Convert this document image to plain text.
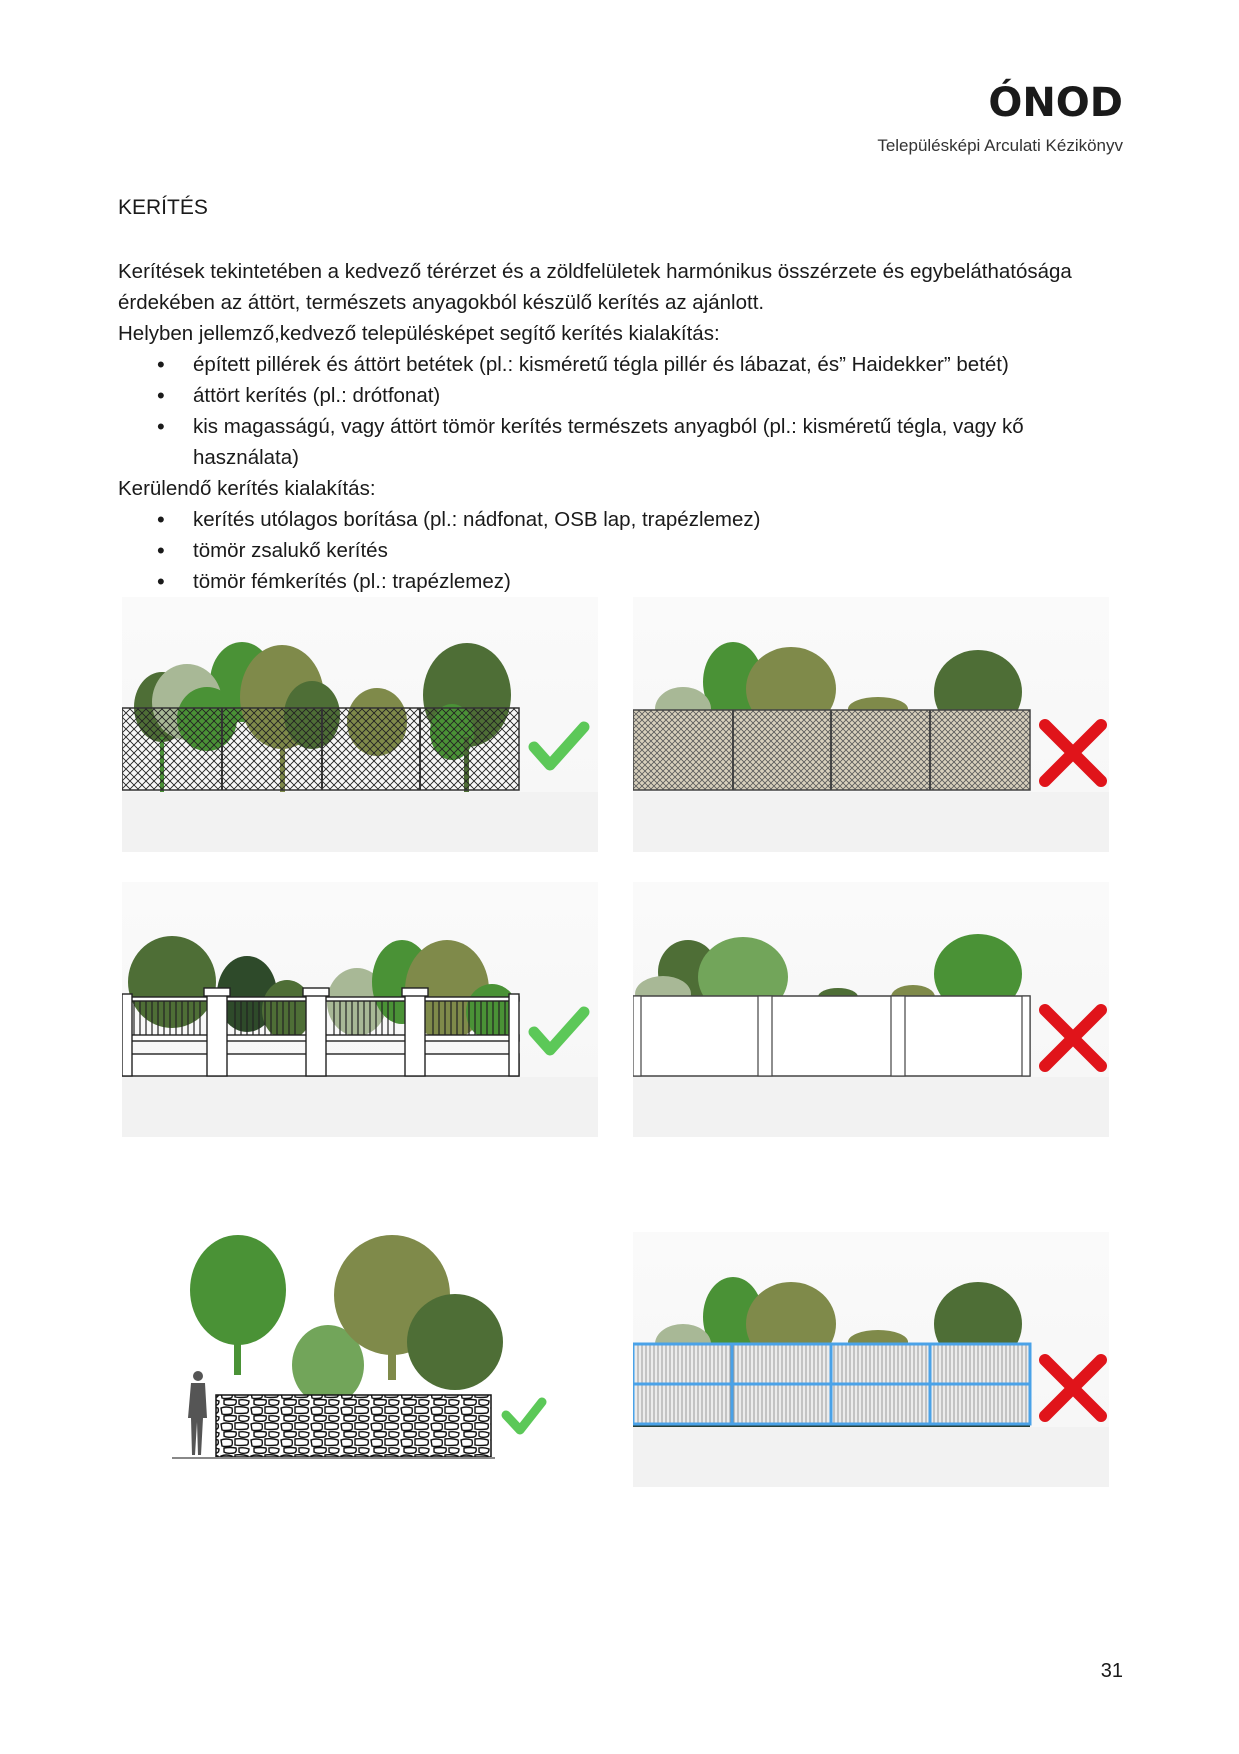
ÓNOD
Településképi Arculati Kézikönyv
KERÍTÉS

Kerítések tekintetében a kedvező térérzet és a zöldfelületek harmónikus összérzete és egybeláthatósága érdekében az áttört, természets anyagokból készülő kerítés az ajánlott.

Helyben jellemző,kedvező településképet segítő kerítés kialakítás:

• épített pillérek és áttört betétek (pl.: kisméretű tégla pillér és lábazat, és” Haidekker” betét)
• áttört kerítés (pl.: drótfonat)
• kis magasságú, vagy áttört tömör kerítés természets anyagból (pl.: kisméretű tégla, vagy kő használata)

Kerülendő kerítés kialakítás:

• kerítés utólagos borítása (pl.: nádfonat, OSB lap, trapézlemez)
• tömör zsalukő kerítés
• tömör fémkerítés (pl.: trapézlemez)
31
